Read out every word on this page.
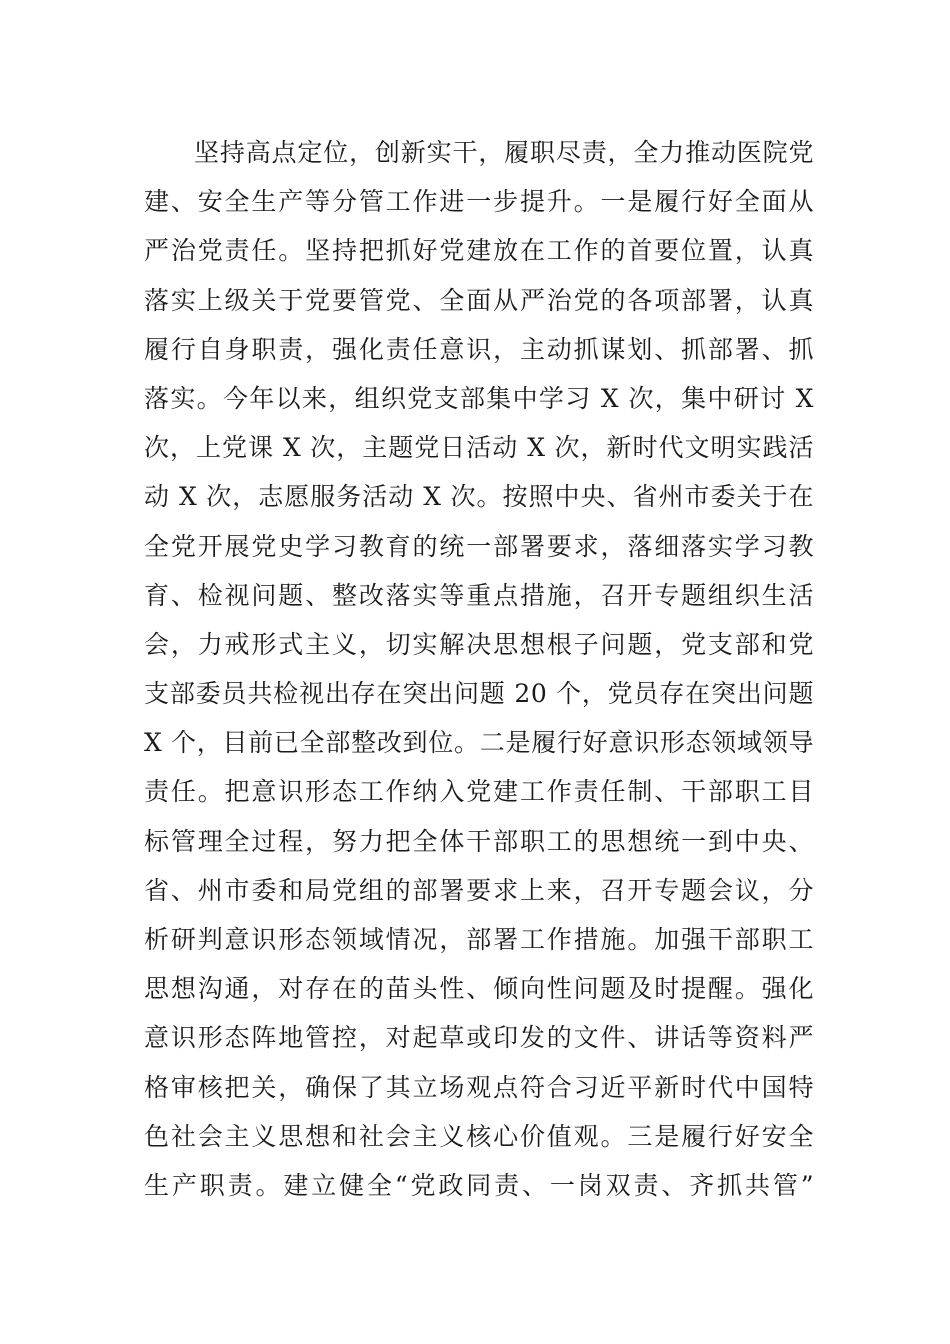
坚持高点定位，创新实干，履职尽责，全力推动医院党
建、安全生产等分管工作进一步提升。一是履行好全面从
严治党责任。坚持把抓好党建放在工作的首要位置，认真
落实上级关于党要管党、全面从严治党的各项部署，认真
履行自身职责，强化责任意识，主动抓谋划、抓部署、抓
落实。今年以来，组织党支部集中学习 X 次，集中研讨 X
次，上党课 X 次，主题党日活动 X 次，新时代文明实践活
动 X 次，志愿服务活动 X 次。按照中央、省州市委关于在
全党开展党史学习教育的统一部署要求，落细落实学习教
育、检视问题、整改落实等重点措施，召开专题组织生活
会，力戒形式主义，切实解决思想根子问题，党支部和党
支部委员共检视出存在突出问题 20 个，党员存在突出问题
X 个，目前已全部整改到位。二是履行好意识形态领域领导
责任。把意识形态工作纳入党建工作责任制、干部职工目
标管理全过程，努力把全体干部职工的思想统一到中央、
省、州市委和局党组的部署要求上来，召开专题会议，分
析研判意识形态领域情况，部署工作措施。加强干部职工
思想沟通，对存在的苗头性、倾向性问题及时提醒。强化
意识形态阵地管控，对起草或印发的文件、讲话等资料严
格审核把关，确保了其立场观点符合习近平新时代中国特
色社会主义思想和社会主义核心价值观。三是履行好安全
生产职责。建立健全“党政同责、一岗双责、齐抓共管”
